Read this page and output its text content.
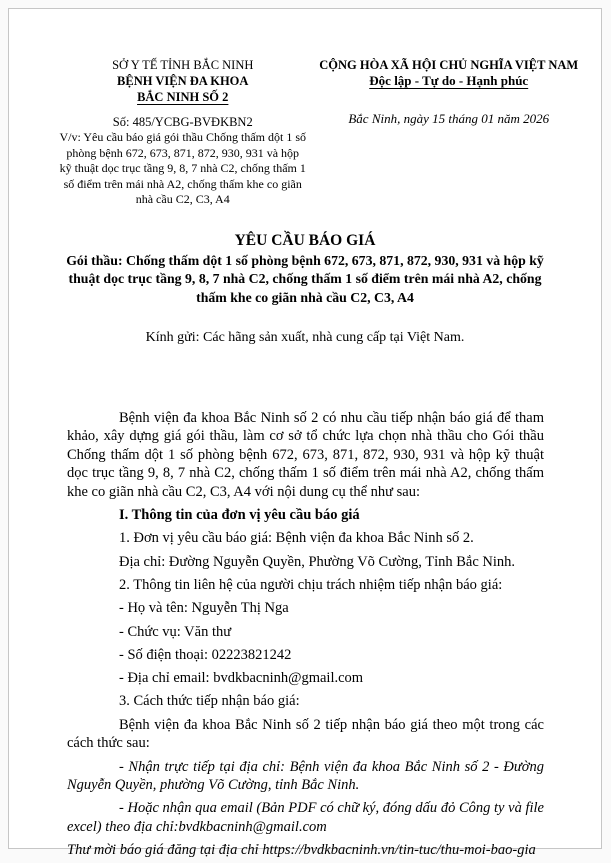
SỞ Y TẾ TỈNH BẮC NINH
BỆNH VIỆN ĐA KHOA
BẮC NINH SỐ 2
Số: 485/YCBG-BVĐKBN2
V/v: Yêu cầu báo giá gói thầu Chống thấm dột 1 số phòng bệnh 672, 673, 871, 872, 930, 931 và hộp kỹ thuật dọc trục tầng 9, 8, 7 nhà C2, chống thấm 1 số điểm trên mái nhà A2, chống thấm khe co giãn nhà cầu C2, C3, A4
CỘNG HÒA XÃ HỘI CHỦ NGHĨA VIỆT NAM
Độc lập - Tự do - Hạnh phúc
Bắc Ninh, ngày 15 tháng 01 năm 2026
YÊU CẦU BÁO GIÁ
Gói thầu: Chống thấm dột 1 số phòng bệnh 672, 673, 871, 872, 930, 931 và hộp kỹ thuật dọc trục tầng 9, 8, 7 nhà C2, chống thấm 1 số điểm trên mái nhà A2, chống thấm khe co giãn nhà cầu C2, C3, A4
Kính gửi: Các hãng sản xuất, nhà cung cấp tại Việt Nam.

Bệnh viện đa khoa Bắc Ninh số 2 có nhu cầu tiếp nhận báo giá để tham khảo, xây dựng giá gói thầu, làm cơ sở tổ chức lựa chọn nhà thầu cho Gói thầu Chống thấm dột 1 số phòng bệnh 672, 673, 871, 872, 930, 931 và hộp kỹ thuật dọc trục tầng 9, 8, 7 nhà C2, chống thấm 1 số điểm trên mái nhà A2, chống thấm khe co giãn nhà cầu C2, C3, A4 với nội dung cụ thể như sau:

I. Thông tin của đơn vị yêu cầu báo giá

1. Đơn vị yêu cầu báo giá: Bệnh viện đa khoa Bắc Ninh số 2.

Địa chỉ: Đường Nguyễn Quyền, Phường Võ Cường, Tỉnh Bắc Ninh.

2. Thông tin liên hệ của người chịu trách nhiệm tiếp nhận báo giá:

- Họ và tên: Nguyễn Thị Nga

- Chức vụ: Văn thư

- Số điện thoại: 02223821242

- Địa chỉ email: bvdkbacninh@gmail.com

3. Cách thức tiếp nhận báo giá:

Bệnh viện đa khoa Bắc Ninh số 2 tiếp nhận báo giá theo một trong các cách thức sau:

- Nhận trực tiếp tại địa chỉ: Bệnh viện đa khoa Bắc Ninh số 2 - Đường Nguyễn Quyền, phường Võ Cường, tỉnh Bắc Ninh.

- Hoặc nhận qua email (Bản PDF có chữ ký, đóng dấu đỏ Công ty và file excel) theo địa chỉ:bvdkbacninh@gmail.com

Thư mời báo giá đăng tại địa chỉ https://bvdkbacninh.vn/tin-tuc/thu-moi-bao-gia
